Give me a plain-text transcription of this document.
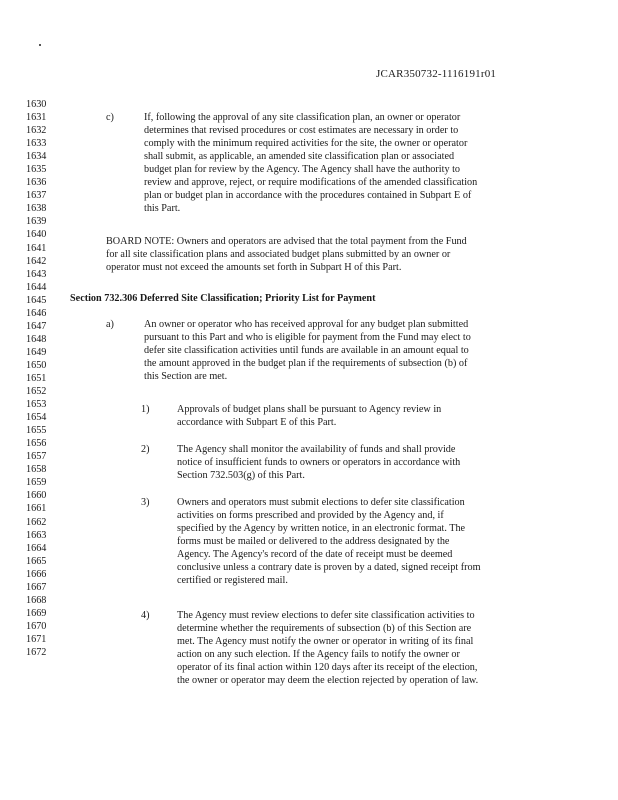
JCAR350732-1116191r01
1630
1631
1632
1633
1634
1635
1636
1637
1638
1639
1640
1641
1642
1643
1644
1645
1646
1647
1648
1649
1650
1651
1652
1653
1654
1655
1656
1657
1658
1659
1660
1661
1662
1663
1664
1665
1666
1667
1668
1669
1670
1671
1672
c)	If, following the approval of any site classification plan, an owner or operator

determines that revised procedures or cost estimates are necessary in order to

comply with the minimum required activities for the site, the owner or operator

shall submit, as applicable, an amended site classification plan or associated

budget plan for review by the Agency. The Agency shall have the authority to

review and approve, reject, or require modifications of the amended classification

plan or budget plan in accordance with the procedures contained in Subpart E of

this Part.

BOARD NOTE: Owners and operators are advised that the total payment from the Fund

for all site classification plans and associated budget plans submitted by an owner or

operator must not exceed the amounts set forth in Subpart H of this Part.

Section 732.306 Deferred Site Classification; Priority List for Payment
a)	An owner or operator who has received approval for any budget plan submitted

pursuant to this Part and who is eligible for payment from the Fund may elect to

defer site classification activities until funds are available in an amount equal to

the amount approved in the budget plan if the requirements of subsection (b) of

this Section are met.

1)	Approvals of budget plans shall be pursuant to Agency review in

accordance with Subpart E of this Part.

2)	The Agency shall monitor the availability of funds and shall provide

notice of insufficient funds to owners or operators in accordance with

Section 732.503(g) of this Part.

3)	Owners and operators must submit elections to defer site classification

activities on forms prescribed and provided by the Agency and, if

specified by the Agency by written notice, in an electronic format. The

forms must be mailed or delivered to the address designated by the

Agency. The Agency's record of the date of receipt must be deemed

conclusive unless a contrary date is proven by a dated, signed receipt from

certified or registered mail.

4)	The Agency must review elections to defer site classification activities to

determine whether the requirements of subsection (b) of this Section are

met. The Agency must notify the owner or operator in writing of its final

action on any such election. If the Agency fails to notify the owner or

operator of its final action within 120 days after its receipt of the election,

the owner or operator may deem the election rejected by operation of law.
